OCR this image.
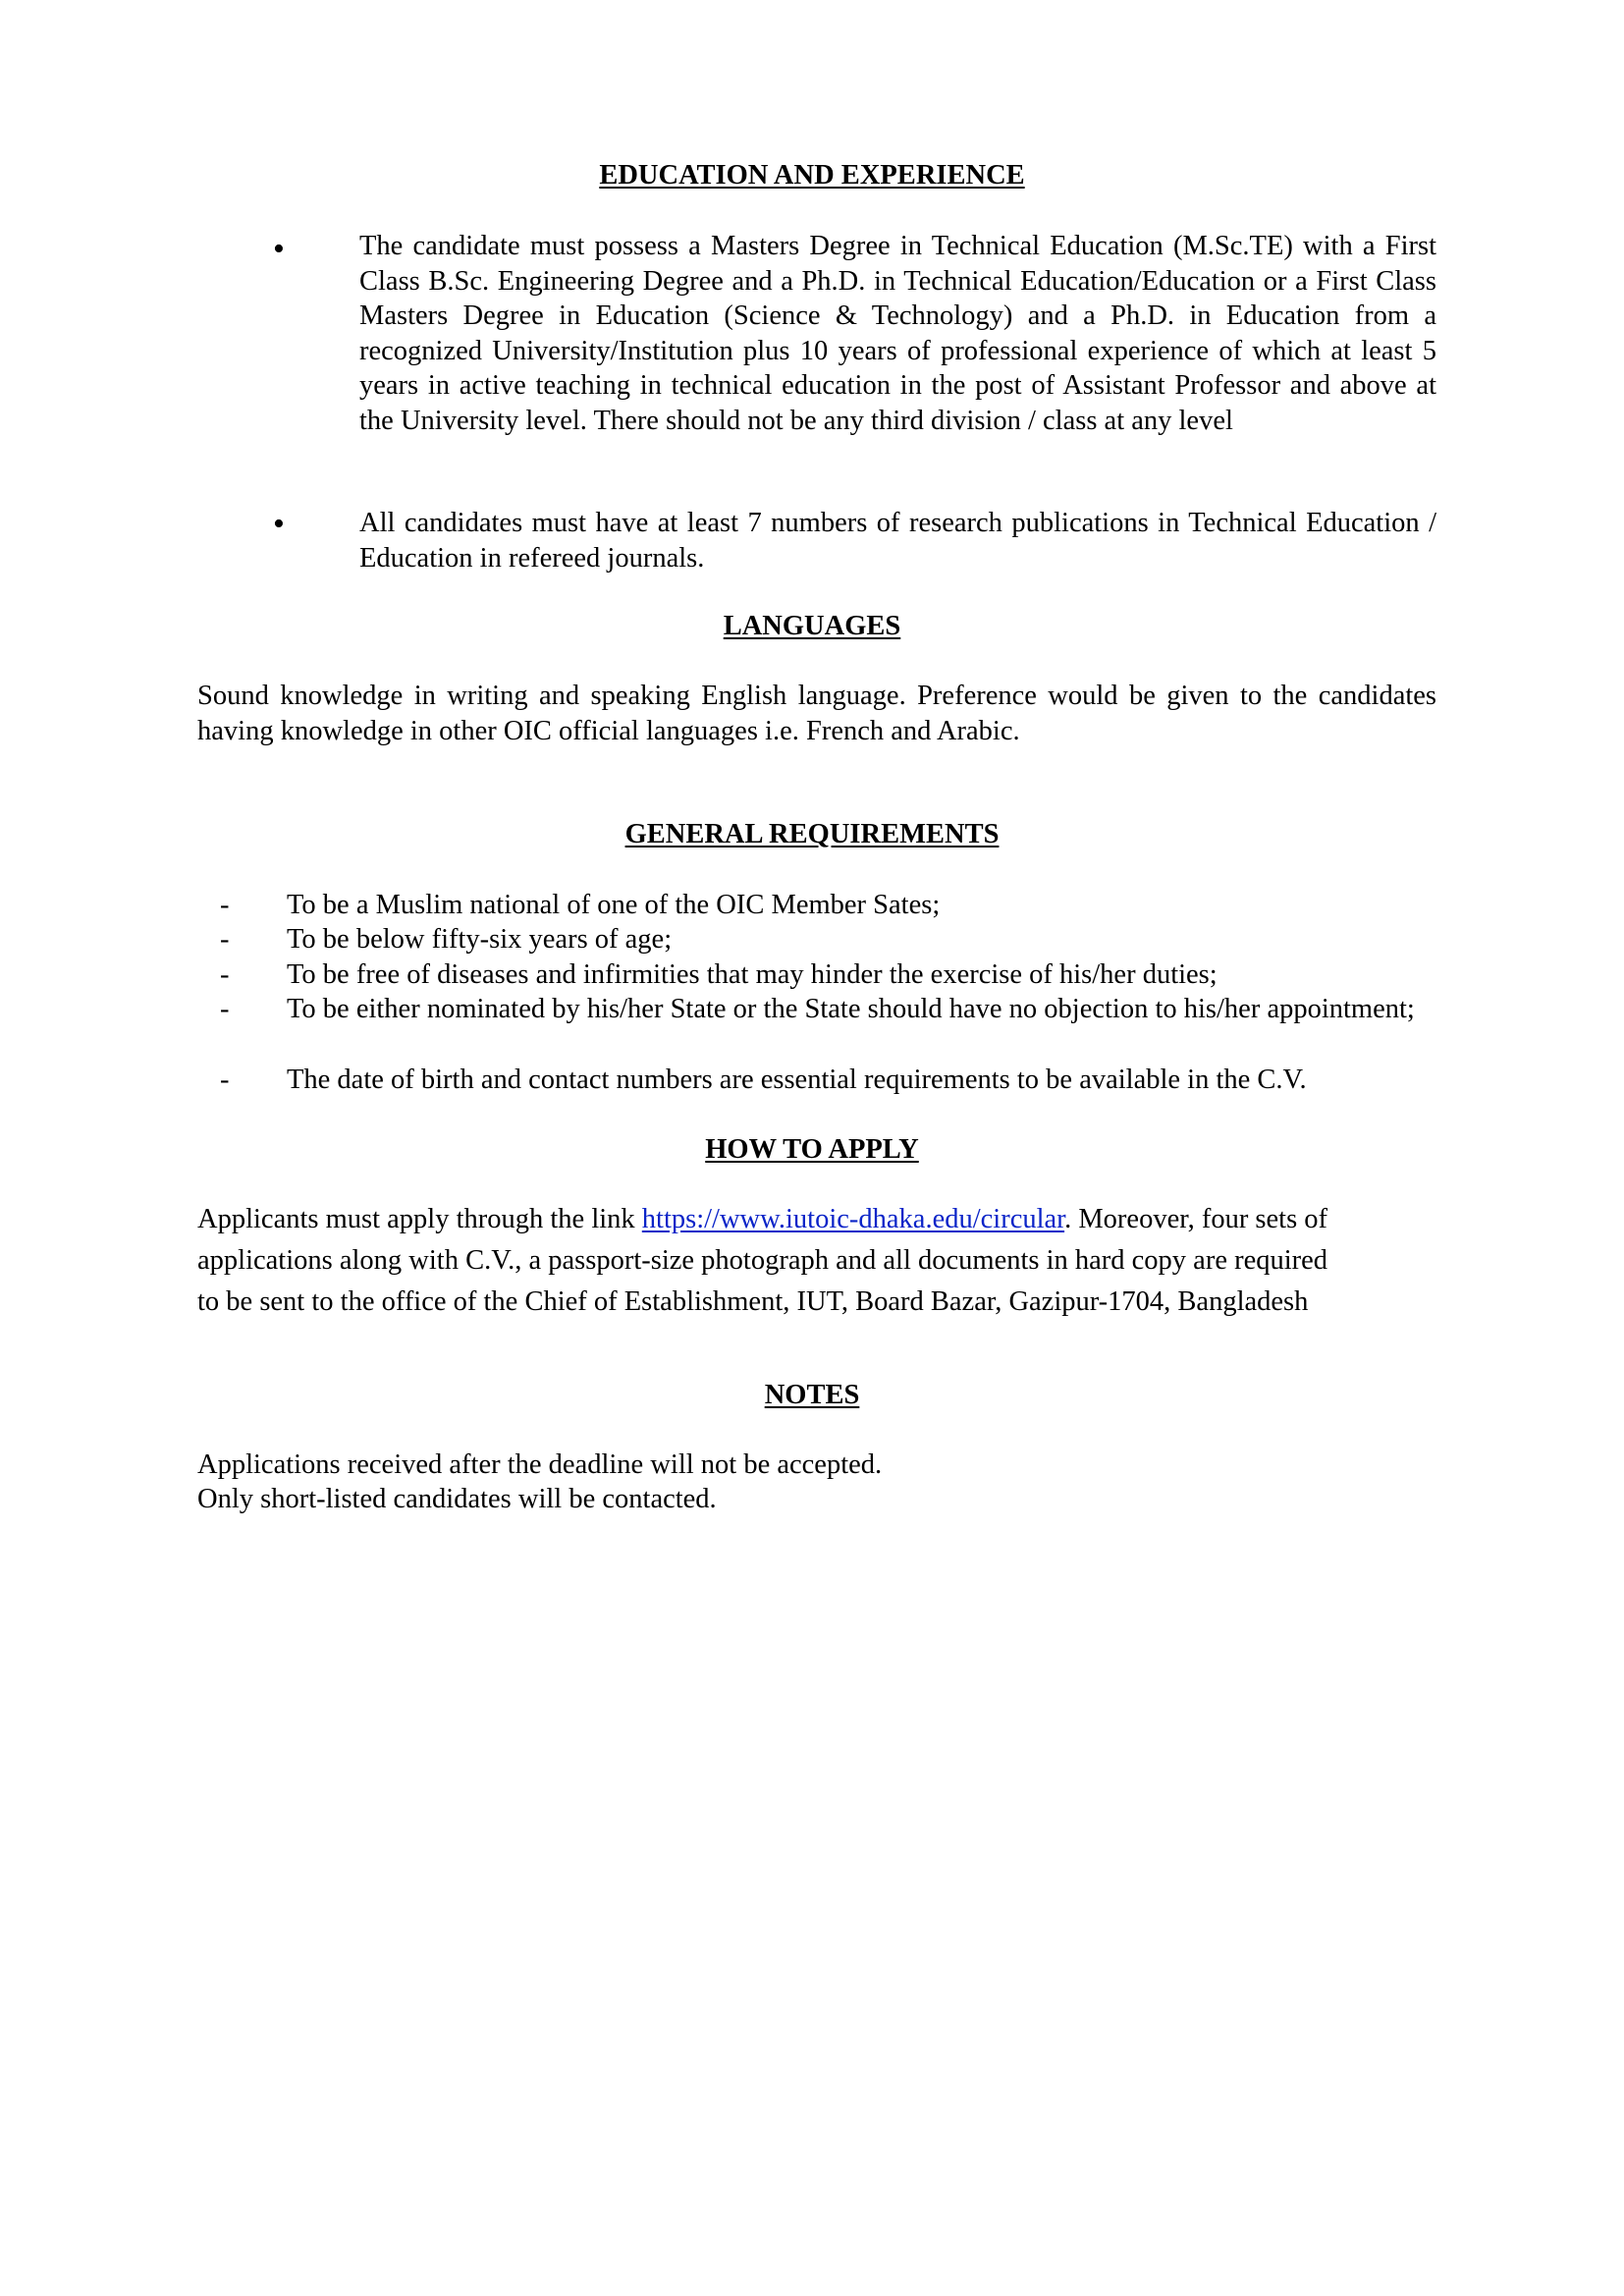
EDUCATION AND EXPERIENCE
•	The candidate must possess a Masters Degree in Technical Education (M.Sc.TE) with a First Class B.Sc. Engineering Degree and a Ph.D. in Technical Education/Education or a First Class Masters Degree in Education (Science & Technology) and a Ph.D. in Education from a recognized University/Institution plus 10 years of professional experience of which at least 5 years in active teaching in technical education in the post of Assistant Professor and above at the University level. There should not be any third division / class at any level
•	All candidates must have at least 7 numbers of research publications in Technical Education / Education in refereed journals.
LANGUAGES

Sound knowledge in writing and speaking English language. Preference would be given to the candidates having knowledge in other OIC official languages i.e. French and Arabic.

GENERAL REQUIREMENTS
- To be a Muslim national of one of the OIC Member Sates;
- To be below fifty-six years of age;
- To be free of diseases and infirmities that may hinder the exercise of his/her duties;
- To be either nominated by his/her State or the State should have no objection to his/her appointment;
- The date of birth and contact numbers are essential requirements to be available in the C.V.
HOW TO APPLY
Applicants must apply through the link https://www.iutoic-dhaka.edu/circular. Moreover, four sets of
applications along with C.V., a passport-size photograph and all documents in hard copy are required
to be sent to the office of the Chief of Establishment, IUT, Board Bazar, Gazipur-1704, Bangladesh
NOTES
Applications received after the deadline will not be accepted.
Only short-listed candidates will be contacted.
